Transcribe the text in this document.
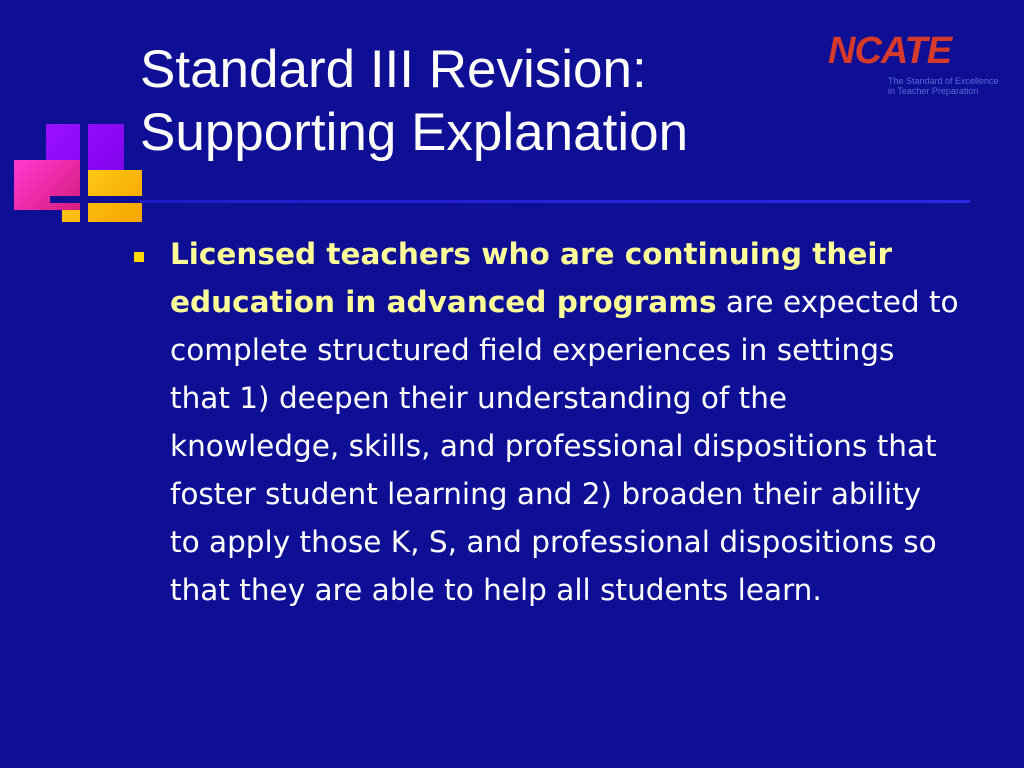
Standard III Revision:
Supporting Explanation
NCATE
The Standard of Excellence
in Teacher Preparation
Licensed teachers who are continuing their education in advanced programs are expected to complete structured field experiences in settings that 1) deepen their understanding of the knowledge, skills, and professional dispositions that foster student learning and 2) broaden their ability to apply those K, S, and professional dispositions so that they are able to help all students learn.
